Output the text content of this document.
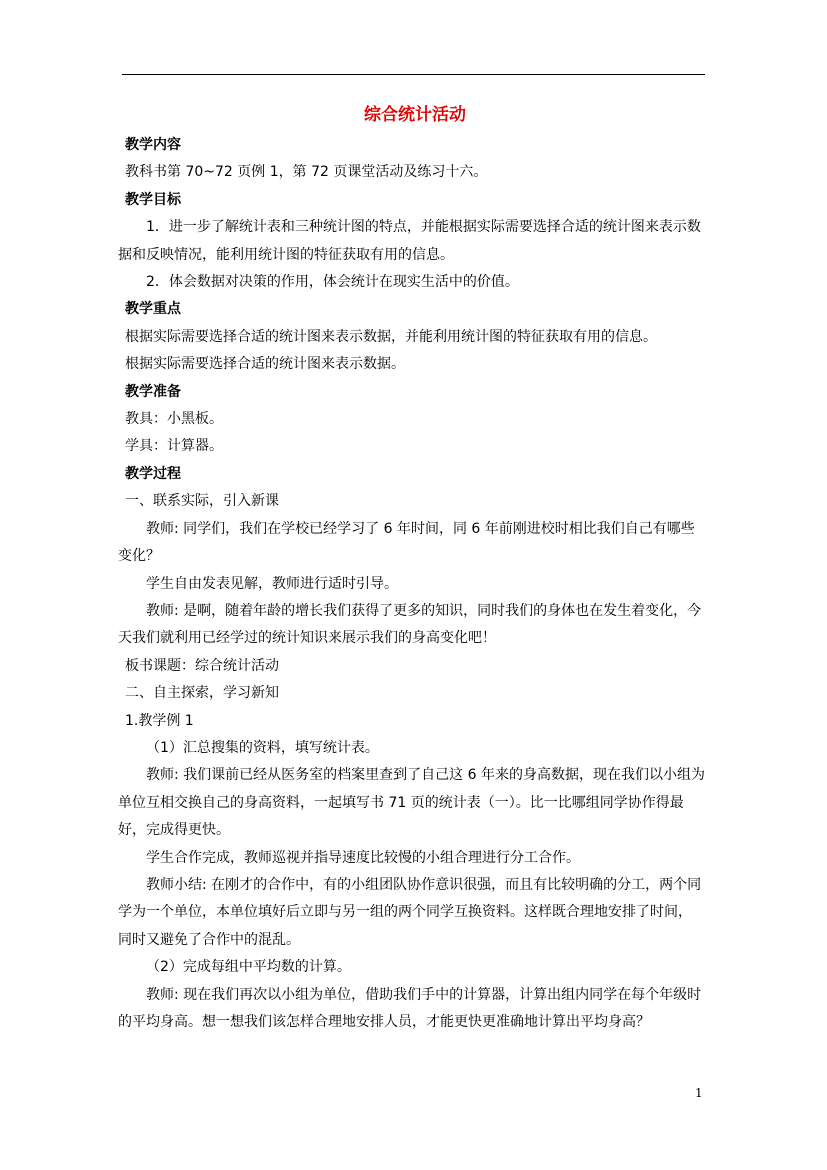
综合统计活动

教学内容

教科书第 70~72 页例 1，第 72 页课堂活动及练习十六。

教学目标

1．进一步了解统计表和三种统计图的特点，并能根据实际需要选择合适的统计图来表示数据和反映情况，能利用统计图的特征获取有用的信息。

2．体会数据对决策的作用，体会统计在现实生活中的价值。

教学重点

根据实际需要选择合适的统计图来表示数据，并能利用统计图的特征获取有用的信息。

根据实际需要选择合适的统计图来表示数据。

教学准备

教具：小黑板。

学具：计算器。

教学过程

一、联系实际，引入新课

教师: 同学们，我们在学校已经学习了 6 年时间，同 6 年前刚进校时相比我们自己有哪些变化？

学生自由发表见解，教师进行适时引导。

教师: 是啊，随着年龄的增长我们获得了更多的知识，同时我们的身体也在发生着变化，今天我们就利用已经学过的统计知识来展示我们的身高变化吧！

板书课题：综合统计活动

二、自主探索，学习新知

1.教学例 1

（1）汇总搜集的资料，填写统计表。

教师: 我们课前已经从医务室的档案里查到了自己这 6 年来的身高数据，现在我们以小组为单位互相交换自己的身高资料，一起填写书 71 页的统计表（一）。比一比哪组同学协作得最好，完成得更快。

学生合作完成，教师巡视并指导速度比较慢的小组合理进行分工合作。

教师小结: 在刚才的合作中，有的小组团队协作意识很强，而且有比较明确的分工，两个同学为一个单位，本单位填好后立即与另一组的两个同学互换资料。这样既合理地安排了时间，同时又避免了合作中的混乱。

（2）完成每组中平均数的计算。

教师: 现在我们再次以小组为单位，借助我们手中的计算器，计算出组内同学在每个年级时的平均身高。想一想我们该怎样合理地安排人员，才能更快更准确地计算出平均身高？

1
